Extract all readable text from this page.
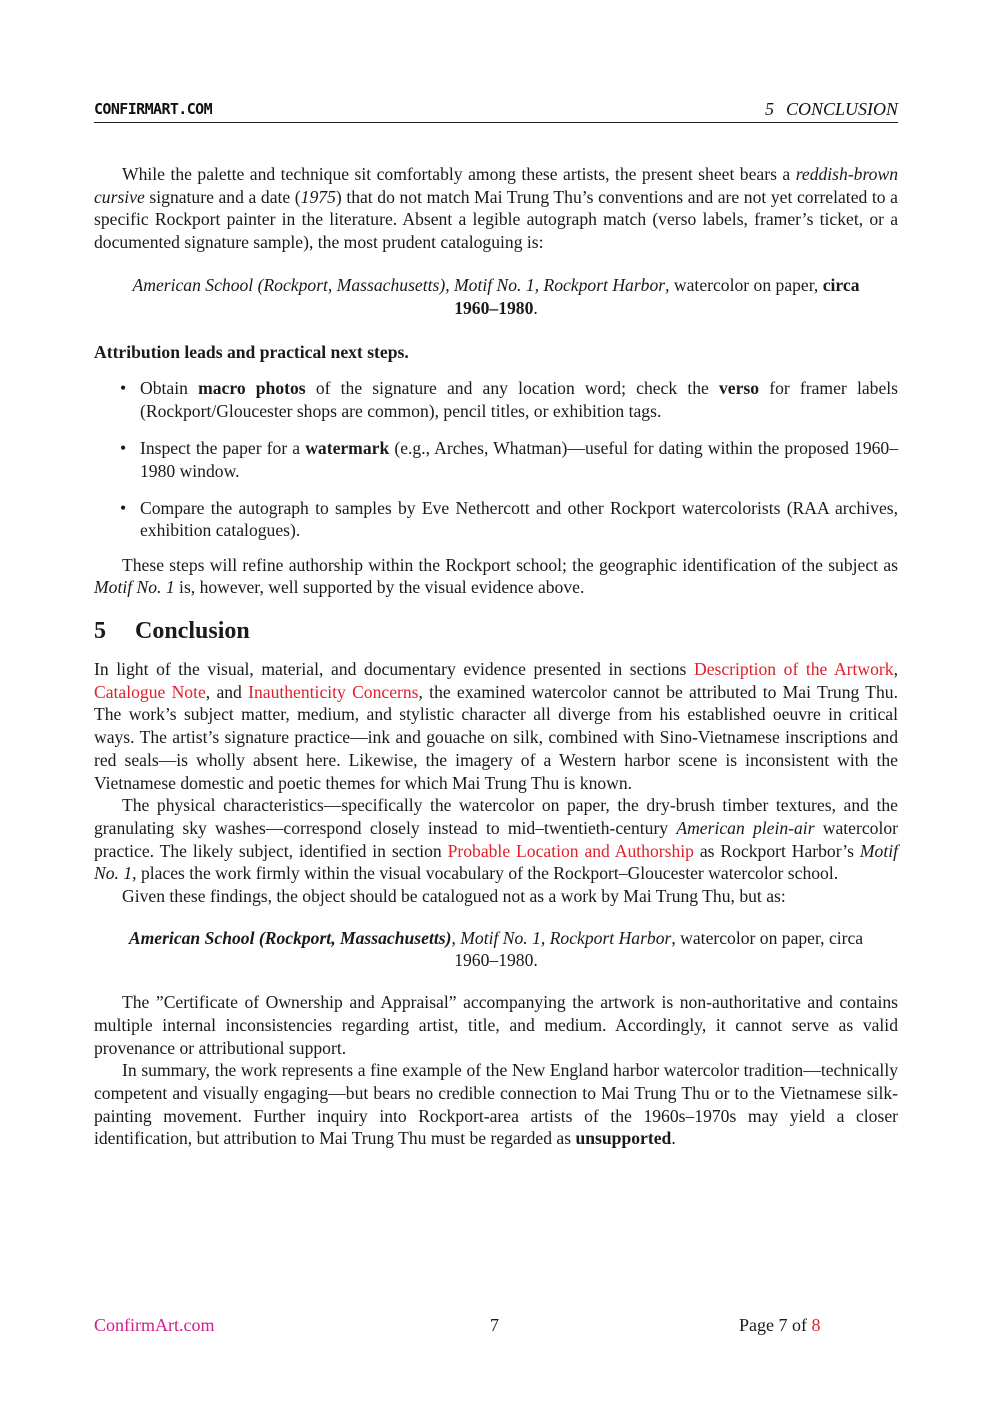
CONFIRMART.COM	5 CONCLUSION

While the palette and technique sit comfortably among these artists, the present sheet bears a reddish-brown cursive signature and a date (1975) that do not match Mai Trung Thu’s conventions and are not yet correlated to a specific Rockport painter in the literature. Absent a legible autograph match (verso labels, framer’s ticket, or a documented signature sample), the most prudent cataloguing is:

American School (Rockport, Massachusetts), Motif No. 1, Rockport Harbor, watercolor on paper, circa 1960–1980.

Attribution leads and practical next steps.

• Obtain macro photos of the signature and any location word; check the verso for framer labels (Rockport/Gloucester shops are common), pencil titles, or exhibition tags.
• Inspect the paper for a watermark (e.g., Arches, Whatman)—useful for dating within the proposed 1960–1980 window.
• Compare the autograph to samples by Eve Nethercott and other Rockport watercolorists (RAA archives, exhibition catalogues).

These steps will refine authorship within the Rockport school; the geographic identification of the subject as Motif No. 1 is, however, well supported by the visual evidence above.

5 Conclusion

In light of the visual, material, and documentary evidence presented in sections Description of the Artwork, Catalogue Note, and Inauthenticity Concerns, the examined watercolor cannot be attributed to Mai Trung Thu. The work’s subject matter, medium, and stylistic character all diverge from his established oeuvre in critical ways. The artist’s signature practice—ink and gouache on silk, combined with Sino-Vietnamese inscriptions and red seals—is wholly absent here. Likewise, the imagery of a Western harbor scene is inconsistent with the Vietnamese domestic and poetic themes for which Mai Trung Thu is known.

The physical characteristics—specifically the watercolor on paper, the dry-brush timber textures, and the granulating sky washes—correspond closely instead to mid–twentieth-century American plein-air watercolor practice. The likely subject, identified in section Probable Location and Authorship as Rockport Harbor’s Motif No. 1, places the work firmly within the visual vocabulary of the Rockport–Gloucester watercolor school.

Given these findings, the object should be catalogued not as a work by Mai Trung Thu, but as:

American School (Rockport, Massachusetts), Motif No. 1, Rockport Harbor, watercolor on paper, circa 1960–1980.

The ”Certificate of Ownership and Appraisal” accompanying the artwork is non-authoritative and contains multiple internal inconsistencies regarding artist, title, and medium. Accordingly, it cannot serve as valid provenance or attributional support.

In summary, the work represents a fine example of the New England harbor watercolor tradition—technically competent and visually engaging—but bears no credible connection to Mai Trung Thu or to the Vietnamese silk-painting movement. Further inquiry into Rockport-area artists of the 1960s–1970s may yield a closer identification, but attribution to Mai Trung Thu must be regarded as unsupported.

ConfirmArt.com	7	Page 7 of 8
